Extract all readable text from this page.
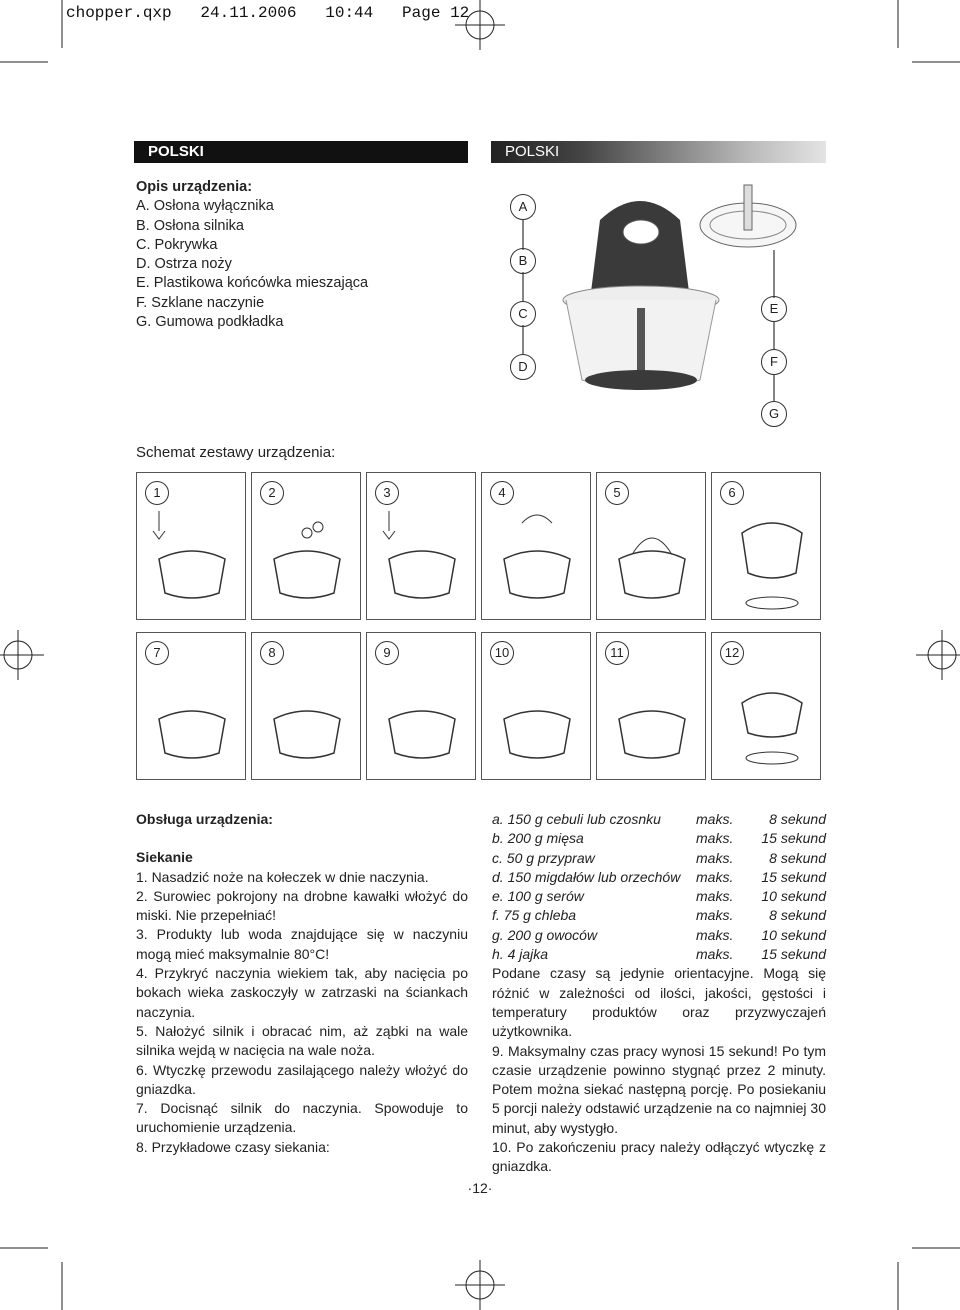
chopper.qxp   24.11.2006   10:44   Page 12
POLSKI	POLSKI
Opis urządzenia:
A. Osłona wyłącznika
B. Osłona silnika
C. Pokrywka
D. Ostrza noży
E. Plastikowa końcówka mieszająca
F. Szklane naczynie
G. Gumowa podkładka
A
B
C
D
E
F
G
Schemat zestawy urządzenia:
1	2	3	4	5	6
7	8	9	10	11	12

Obsługa urządzenia:

Siekanie

1. Nasadzić noże na kołeczek w dnie naczynia.

2. Surowiec pokrojony na drobne kawałki włożyć do miski. Nie przepełniać!

3. Produkty lub woda znajdujące się w naczyniu mogą mieć maksymalnie 80°C!

4. Przykryć naczynia wiekiem tak, aby nacięcia po bokach wieka zaskoczyły w zatrzaski na ściankach naczynia.

5. Nałożyć silnik i obracać nim, aż ząbki na wale silnika wejdą w nacięcia na wale noża.

6. Wtyczkę przewodu zasilającego należy włożyć do gniazdka.

7. Docisnąć silnik do naczynia. Spowoduje to uruchomienie urządzenia.

8. Przykładowe czasy siekania:

a. 150 g cebuli lub czosnku	maks.	8 sekund
b. 200 g mięsa	maks.	15 sekund
c. 50 g przypraw	maks.	8 sekund
d. 150 migdałów lub orzechów	maks.	15 sekund
e. 100 g serów	maks.	10 sekund
f. 75 g chleba	maks.	8 sekund
g. 200 g owoców	maks.	10 sekund
h. 4 jajka	maks.	15 sekund

Podane czasy są jedynie orientacyjne. Mogą się różnić w zależności od ilości, jakości, gęstości i temperatury produktów oraz przyzwyczajeń użytkownika.

9. Maksymalny czas pracy wynosi 15 sekund! Po tym czasie urządzenie powinno stygnąć przez 2 minuty. Potem można siekać następną porcję. Po posiekaniu 5 porcji należy odstawić urządzenie na co najmniej 30 minut, aby wystygło.

10. Po zakończeniu pracy należy odłączyć wtyczkę z gniazdka.

·12·
